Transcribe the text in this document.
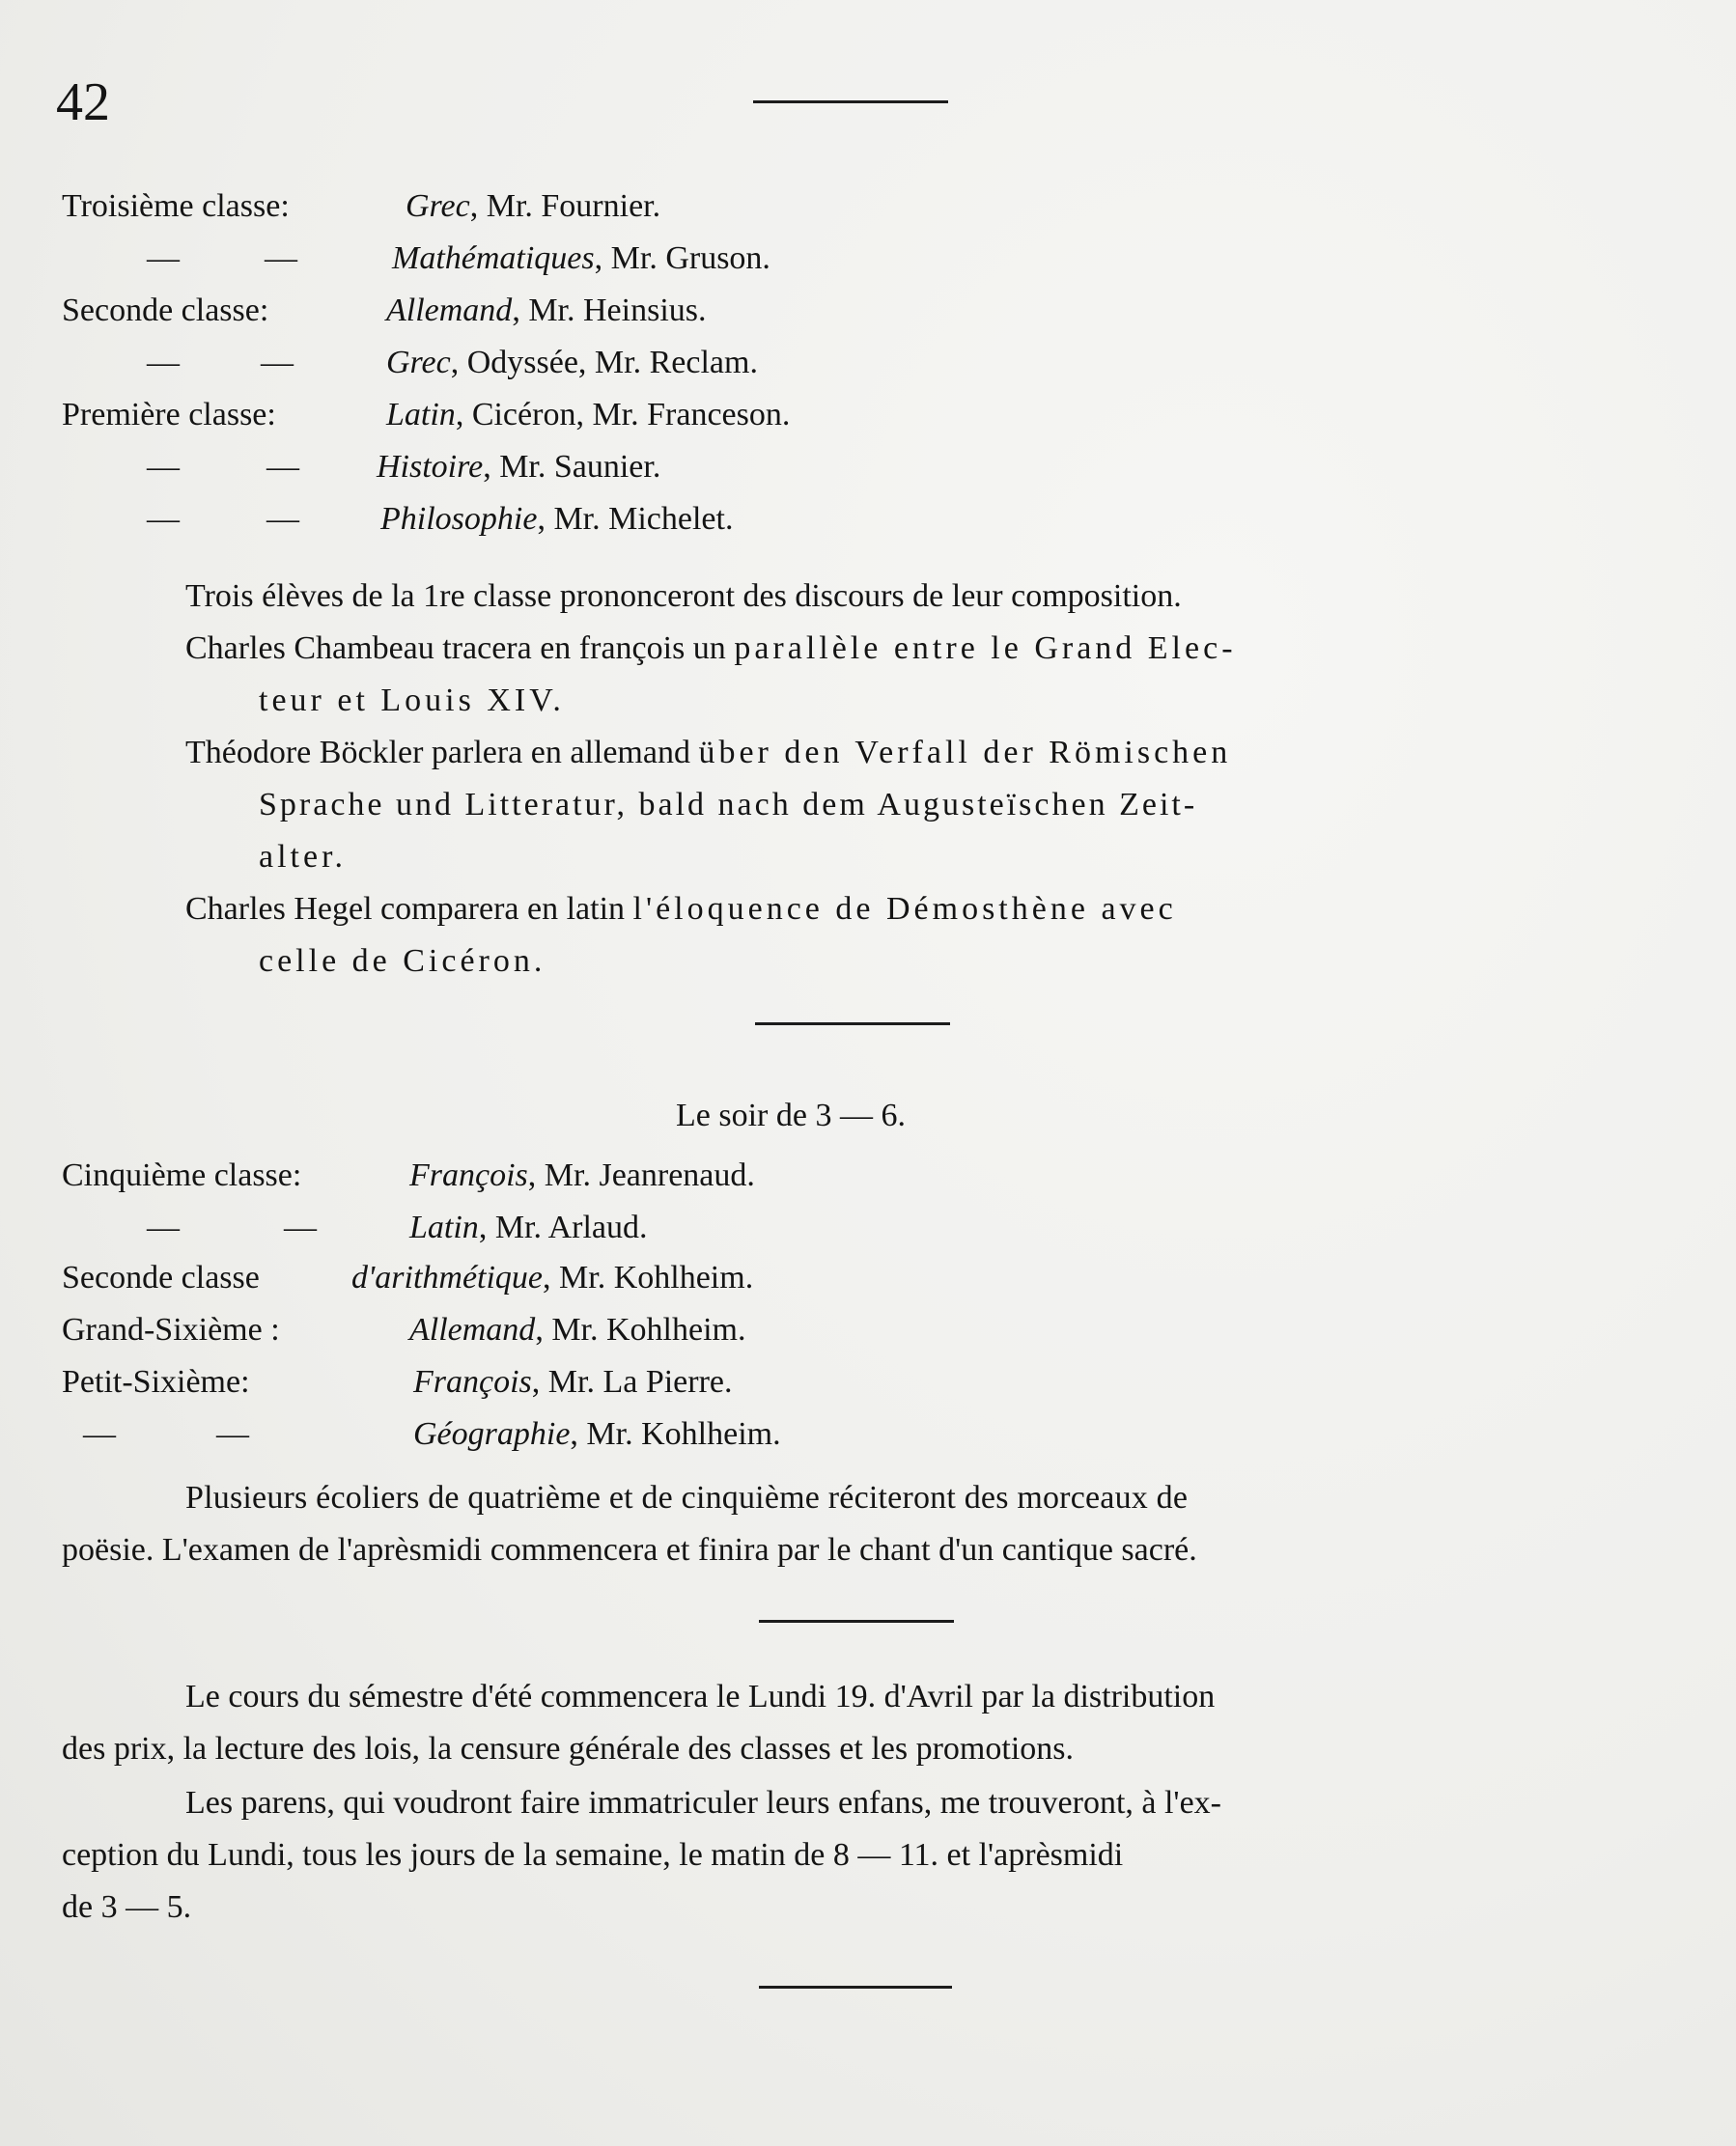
42
Troisième classe:	Grec, Mr. Fournier.
—	—	Mathématiques, Mr. Gruson.
Seconde classe:	Allemand, Mr. Heinsius.
— —	Grec, Odyssée, Mr. Reclam.
Première classe:	Latin, Cicéron, Mr. Franceson.
—	— Histoire, Mr. Saunier.
—	— Philosophie, Mr. Michelet.
Trois élèves de la 1re classe prononceront des discours de leur composition.
Charles Chambeau tracera en françois un parallèle entre le Grand Elec-
teur et Louis XIV.
Théodore Böckler parlera en allemand über den Verfall der Römischen
Sprache und Litteratur, bald nach dem Augusteïschen Zeit-
alter.
Charles Hegel comparera en latin l'éloquence de Démosthène avec
celle de Cicéron.
Le soir de 3 — 6.
Cinquième classe:	François, Mr. Jeanrenaud.
—	—	Latin, Mr. Arlaud.
Seconde classe	d'arithmétique, Mr. Kohlheim.
Grand-Sixième :	Allemand, Mr. Kohlheim.
Petit-Sixième:	François, Mr. La Pierre.
—	—	Géographie, Mr. Kohlheim.
Plusieurs écoliers de quatrième et de cinquième réciteront des morceaux de
poësie. L'examen de l'aprèsmidi commencera et finira par le chant d'un cantique sacré.
Le cours du sémestre d'été commencera le Lundi 19. d'Avril par la distribution
des prix, la lecture des lois, la censure générale des classes et les promotions.
Les parens, qui voudront faire immatriculer leurs enfans, me trouveront, à l'ex-
ception du Lundi, tous les jours de la semaine, le matin de 8 — 11. et l'aprèsmidi
de 3 — 5.
